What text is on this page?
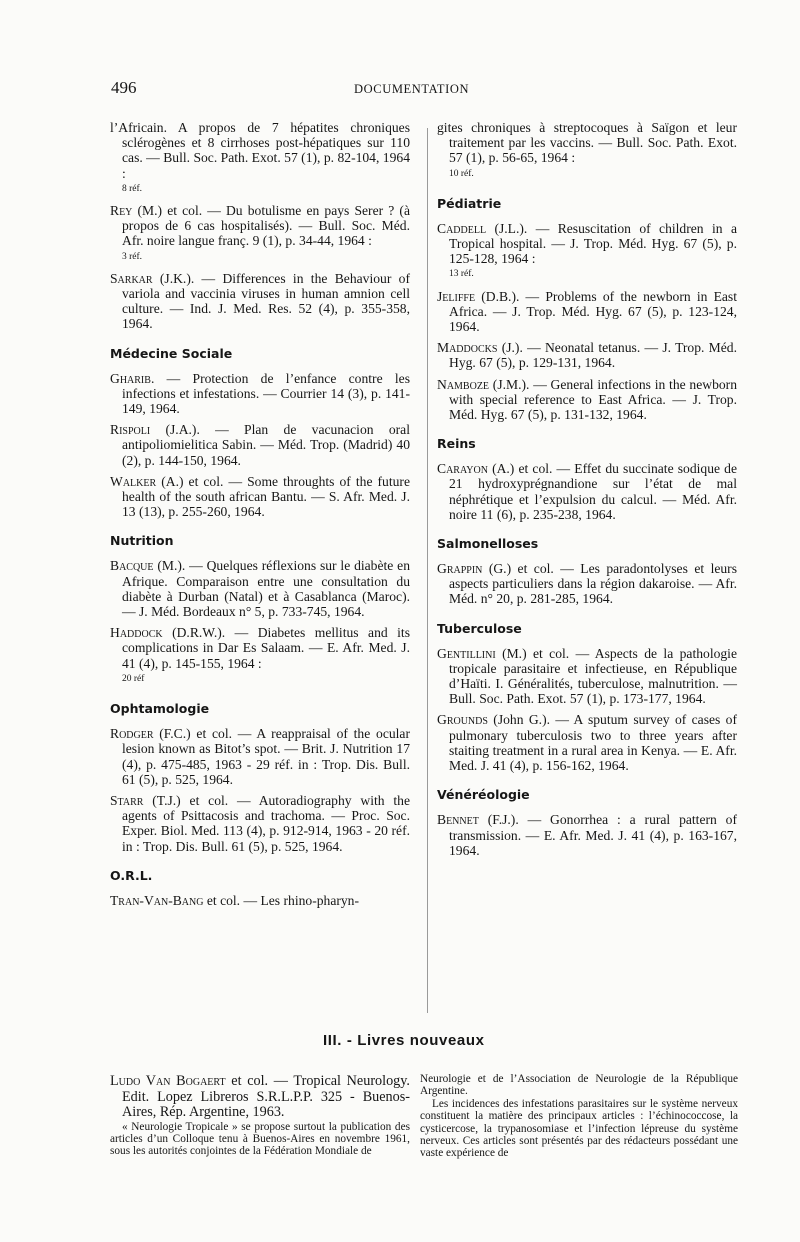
496	DOCUMENTATION

l’Africain. A propos de 7 hépatites chroniques sclérogènes et 8 cirrhoses post-hépatiques sur 110 cas. — Bull. Soc. Path. Exot. 57 (1), p. 82-104, 1964 :
8 réf.

Rey (M.) et col. — Du botulisme en pays Serer ? (à propos de 6 cas hospitalisés). — Bull. Soc. Méd. Afr. noire langue franç. 9 (1), p. 34-44, 1964 :
3 réf.

Sarkar (J.K.). — Differences in the Behaviour of variola and vaccinia viruses in human amnion cell culture. — Ind. J. Med. Res. 52 (4), p. 355-358, 1964.

Médecine Sociale

Gharib. — Protection de l’enfance contre les infections et infestations. — Courrier 14 (3), p. 141-149, 1964.

Rispoli (J.A.). — Plan de vacunacion oral antipoliomielitica Sabin. — Méd. Trop. (Madrid) 40 (2), p. 144-150, 1964.

Walker (A.) et col. — Some throughts of the future health of the south african Bantu. — S. Afr. Med. J. 13 (13), p. 255-260, 1964.

Nutrition

Bacque (M.). — Quelques réflexions sur le diabète en Afrique. Comparaison entre une consultation du diabète à Durban (Natal) et à Casablanca (Maroc). — J. Méd. Bordeaux n° 5, p. 733-745, 1964.

Haddock (D.R.W.). — Diabetes mellitus and its complications in Dar Es Salaam. — E. Afr. Med. J. 41 (4), p. 145-155, 1964 :
20 réf

Ophtamologie

Rodger (F.C.) et col. — A reappraisal of the ocular lesion known as Bitot’s spot. — Brit. J. Nutrition 17 (4), p. 475-485, 1963 - 29 réf. in : Trop. Dis. Bull. 61 (5), p. 525, 1964.

Starr (T.J.) et col. — Autoradiography with the agents of Psittacosis and trachoma. — Proc. Soc. Exper. Biol. Med. 113 (4), p. 912-914, 1963 - 20 réf. in : Trop. Dis. Bull. 61 (5), p. 525, 1964.

O.R.L.

Tran-Van-Bang et col. — Les rhino-pharyn-

gites chroniques à streptocoques à Saïgon et leur traitement par les vaccins. — Bull. Soc. Path. Exot. 57 (1), p. 56-65, 1964 :
10 réf.

Pédiatrie

Caddell (J.L.). — Resuscitation of children in a Tropical hospital. — J. Trop. Méd. Hyg. 67 (5), p. 125-128, 1964 :
13 réf.

Jeliffe (D.B.). — Problems of the newborn in East Africa. — J. Trop. Méd. Hyg. 67 (5), p. 123-124, 1964.

Maddocks (J.). — Neonatal tetanus. — J. Trop. Méd. Hyg. 67 (5), p. 129-131, 1964.

Namboze (J.M.). — General infections in the newborn with special reference to East Africa. — J. Trop. Méd. Hyg. 67 (5), p. 131-132, 1964.

Reins

Carayon (A.) et col. — Effet du succinate sodique de 21 hydroxyprégnandione sur l’état de mal néphrétique et l’expulsion du calcul. — Méd. Afr. noire 11 (6), p. 235-238, 1964.

Salmonelloses

Grappin (G.) et col. — Les paradontolyses et leurs aspects particuliers dans la région dakaroise. — Afr. Méd. n° 20, p. 281-285, 1964.

Tuberculose

Gentillini (M.) et col. — Aspects de la pathologie tropicale parasitaire et infectieuse, en République d’Haïti. I. Généralités, tuberculose, malnutrition. — Bull. Soc. Path. Exot. 57 (1), p. 173-177, 1964.

Grounds (John G.). — A sputum survey of cases of pulmonary tuberculosis two to three years after staiting treatment in a rural area in Kenya. — E. Afr. Med. J. 41 (4), p. 156-162, 1964.

Vénéréologie

Bennet (F.J.). — Gonorrhea : a rural pattern of transmission. — E. Afr. Med. J. 41 (4), p. 163-167, 1964.

III. - Livres nouveaux

Ludo Van Bogaert et col. — Tropical Neurology. Edit. Lopez Libreros S.R.L.P.P. 325 - Buenos-Aires, Rép. Argentine, 1963.

« Neurologie Tropicale » se propose surtout la publication des articles d’un Colloque tenu à Buenos-Aires en novembre 1961, sous les autorités conjointes de la Fédération Mondiale de

Neurologie et de l’Association de Neurologie de la République Argentine.

Les incidences des infestations parasitaires sur le système nerveux constituent la matière des principaux articles : l’échinococcose, la cysticercose, la trypanosomiase et l’infection lépreuse du système nerveux. Ces articles sont présentés par des rédacteurs possédant une vaste expérience de
